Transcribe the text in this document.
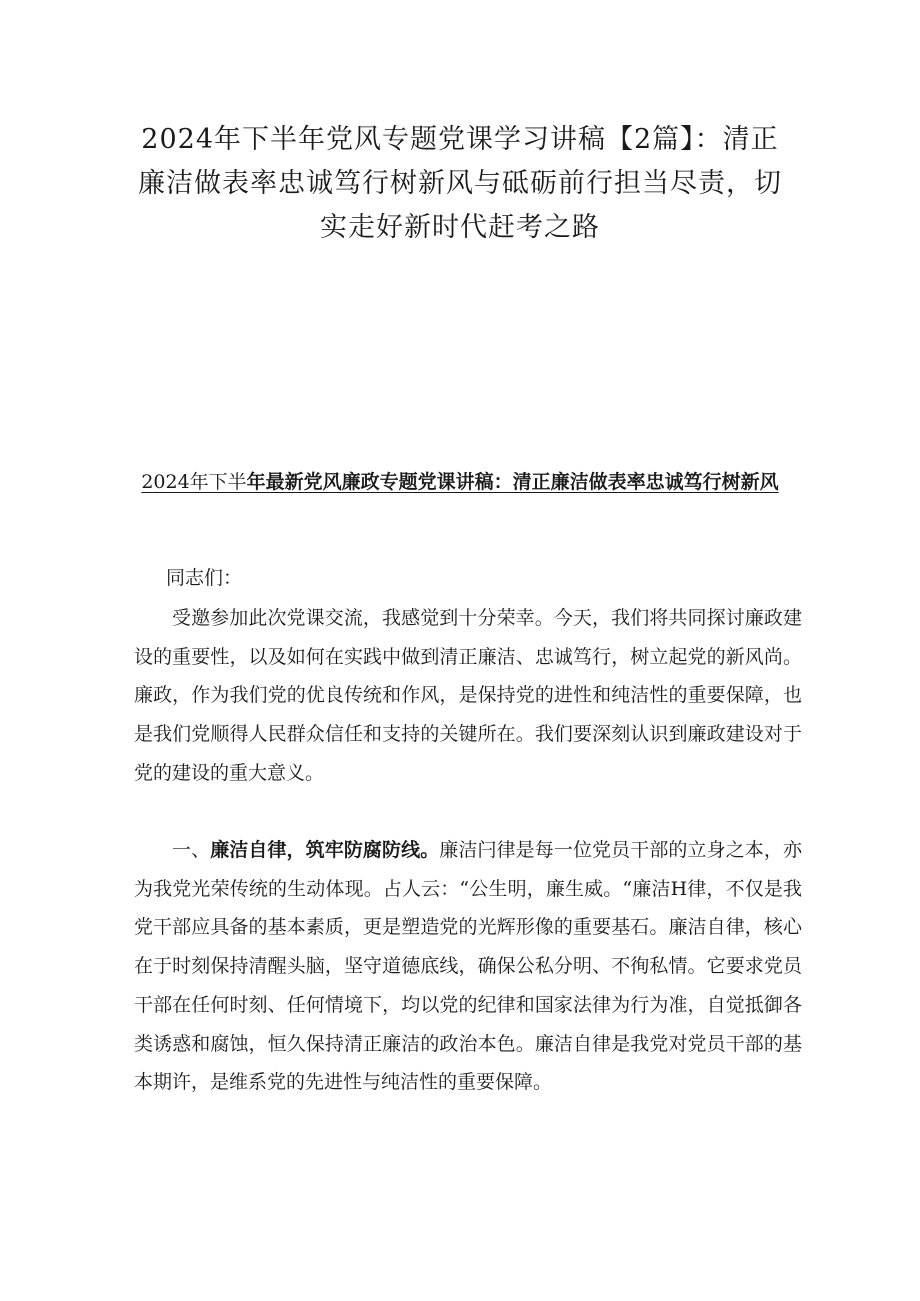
2024年下半年党风专题党课学习讲稿【2篇】：清正廉洁做表率忠诚笃行树新风与砥砺前行担当尽责，切实走好新时代赶考之路
2024年下半年最新党风廉政专题党课讲稿：清正廉洁做表率忠诚笃行树新风

同志们：

受邀参加此次党课交流，我感觉到十分荣幸。今天，我们将共同探讨廉政建设的重要性，以及如何在实践中做到清正廉洁、忠诚笃行，树立起党的新风尚。廉政，作为我们党的优良传统和作风，是保持党的进性和纯洁性的重要保障，也是我们党顺得人民群众信任和支持的关键所在。我们要深刻认识到廉政建设对于党的建设的重大意义。

一、廉洁自律，筑牢防腐防线。廉洁闩律是每一位党员干部的立身之本，亦为我党光荣传统的生动体现。占人云：“公生明，廉生威。“廉洁H律，不仅是我党干部应具备的基本素质，更是塑造党的光辉形像的重要基石。廉洁自律，核心在于时刻保持清醒头脑，坚守道德底线，确保公私分明、不徇私情。它要求党员干部在任何时刻、任何情境下，均以党的纪律和国家法律为行为准，自觉抵御各类诱惑和腐蚀，恒久保持清正廉洁的政治本色。廉洁自律是我党对党员干部的基本期许，是维系党的先进性与纯洁性的重要保障。
